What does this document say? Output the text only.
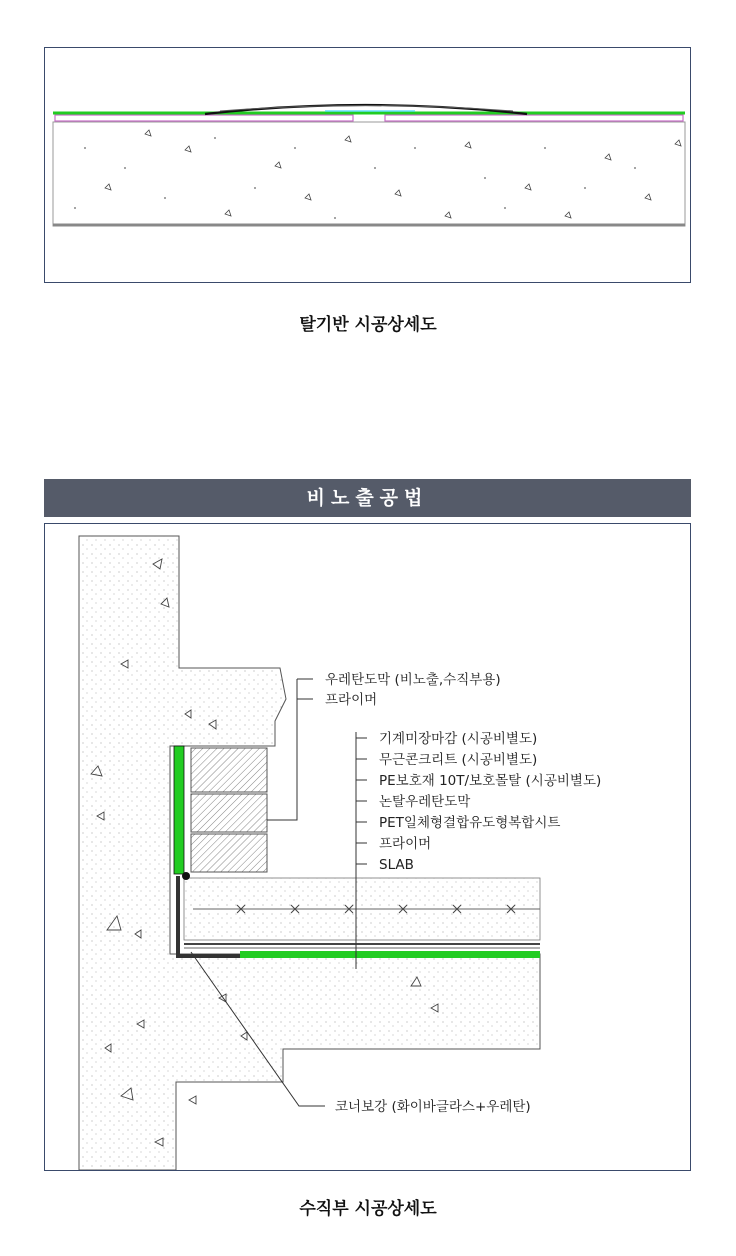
탈기반 시공상세도
비노출공법
우레탄도막 (비노출,수직부용)
프라이머
기계미장마감 (시공비별도)
무근콘크리트 (시공비별도)
PE보호재 10T/보호몰탈 (시공비별도)
논탈우레탄도막
PET일체형결합유도형복합시트
프라이머
SLAB
코너보강 (화이바글라스+우레탄)
수직부 시공상세도
